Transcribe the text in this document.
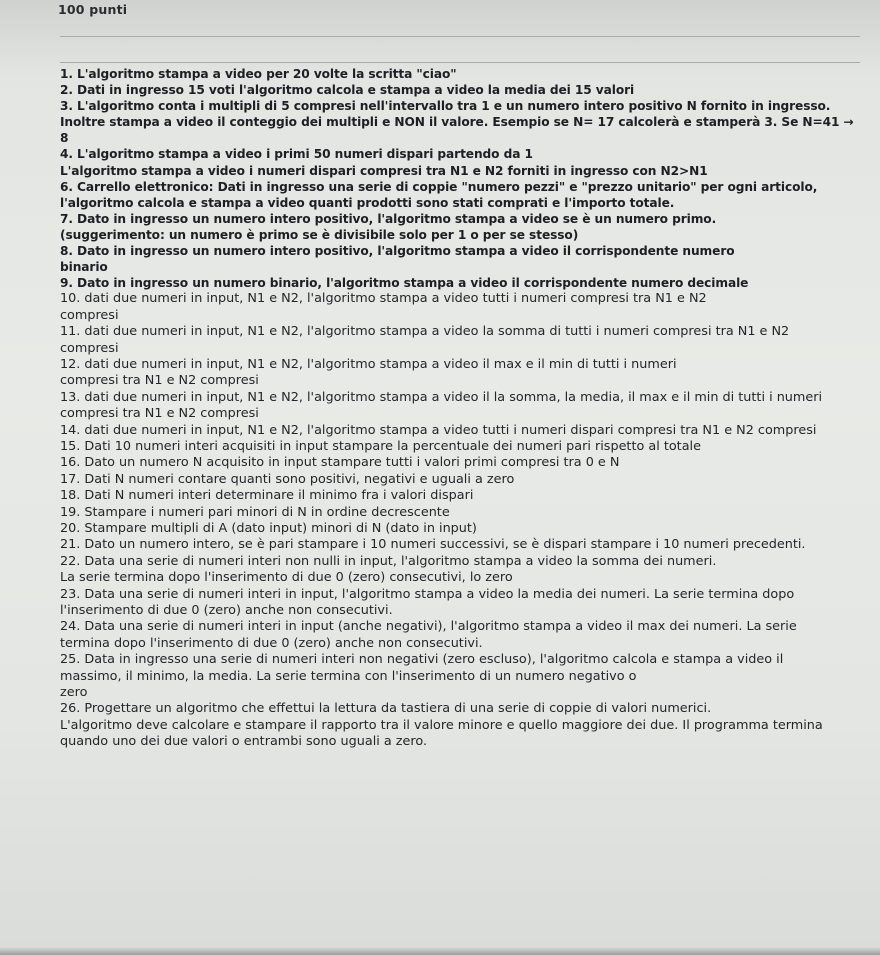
100 punti
1. L'algoritmo stampa a video per 20 volte la scritta "ciao"
2. Dati in ingresso 15 voti l'algoritmo calcola e stampa a video la media dei 15 valori
3. L'algoritmo conta i multipli di 5 compresi nell'intervallo tra 1 e un numero intero positivo N fornito in ingresso. Inoltre stampa a video il conteggio dei multipli e NON il valore. Esempio se N= 17 calcolerà e stamperà 3. Se N=41 → 8
4. L'algoritmo stampa a video i primi 50 numeri dispari partendo da 1
L'algoritmo stampa a video i numeri dispari compresi tra N1 e N2 forniti in ingresso con N2>N1
6. Carrello elettronico: Dati in ingresso una serie di coppie "numero pezzi" e "prezzo unitario" per ogni articolo, l'algoritmo calcola e stampa a video quanti prodotti sono stati comprati e l'importo totale.
7. Dato in ingresso un numero intero positivo, l'algoritmo stampa a video se è un numero primo.
(suggerimento: un numero è primo se è divisibile solo per 1 o per se stesso)
8. Dato in ingresso un numero intero positivo, l'algoritmo stampa a video il corrispondente numero
binario
9. Dato in ingresso un numero binario, l'algoritmo stampa a video il corrispondente numero decimale
10. dati due numeri in input, N1 e N2, l'algoritmo stampa a video tutti i numeri compresi tra N1 e N2
compresi
11. dati due numeri in input, N1 e N2, l'algoritmo stampa a video la somma di tutti i numeri compresi tra N1 e N2
compresi
12. dati due numeri in input, N1 e N2, l'algoritmo stampa a video il max e il min di tutti i numeri
compresi tra N1 e N2 compresi
13. dati due numeri in input, N1 e N2, l'algoritmo stampa a video il la somma, la media, il max e il min di tutti i numeri
compresi tra N1 e N2 compresi
14. dati due numeri in input, N1 e N2, l'algoritmo stampa a video tutti i numeri dispari compresi tra N1 e N2 compresi
15. Dati 10 numeri interi acquisiti in input stampare la percentuale dei numeri pari rispetto al totale
16. Dato un numero N acquisito in input stampare tutti i valori primi compresi tra 0 e N
17. Dati N numeri contare quanti sono positivi, negativi e uguali a zero
18. Dati N numeri interi determinare il minimo fra i valori dispari
19. Stampare i numeri pari minori di N in ordine decrescente
20. Stampare multipli di A (dato input) minori di N (dato in input)
21. Dato un numero intero, se è pari stampare i 10 numeri successivi, se è dispari stampare i 10 numeri precedenti.
22. Data una serie di numeri interi non nulli in input, l'algoritmo stampa a video la somma dei numeri.
La serie termina dopo l'inserimento di due 0 (zero) consecutivi, lo zero
23. Data una serie di numeri interi in input, l'algoritmo stampa a video la media dei numeri. La serie termina dopo
l'inserimento di due 0 (zero) anche non consecutivi.
24. Data una serie di numeri interi in input (anche negativi), l'algoritmo stampa a video il max dei numeri. La serie
termina dopo l'inserimento di due 0 (zero) anche non consecutivi.
25. Data in ingresso una serie di numeri interi non negativi (zero escluso), l'algoritmo calcola e stampa a video il
massimo, il minimo, la media. La serie termina con l'inserimento di un numero negativo o
zero
26. Progettare un algoritmo che effettui la lettura da tastiera di una serie di coppie di valori numerici.
L'algoritmo deve calcolare e stampare il rapporto tra il valore minore e quello maggiore dei due. Il programma termina
quando uno dei due valori o entrambi sono uguali a zero.
